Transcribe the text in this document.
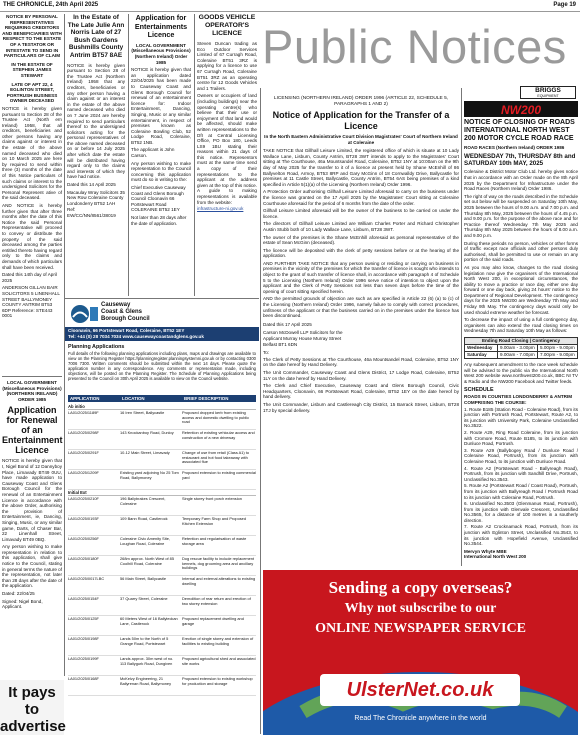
THE CHRONICLE, 24th April 2025	Page 19
NOTICE BY PERSONAL REPRESENTATIVES REQUIRING CREDITORS AND BENEFICIARIES WITH RESPECT TO THE ESTATE OF A TESTATOR OR INTESTATE TO SEND IN PARTICULARS OF CLAIM
IN THE ESTATE OF STEPHEN JAMES STEWART
LATE OF APT 22, 4 EGLINTON STREET, PORTRUSH BUSINESS OWNER DECEASED
NOTICE is hereby given pursuant to Section 28 of the Trustee Act (North ern Ireland) 1958, that all creditors, beneficiaries and other persons having any claims against or interest in the estate of the above named deceased who died on 10 March 2025 are here by required to send within three (3) months of the date of this Notice particulars of such claims or interest to the undersigned Solicitors for the Personal Represent ative of the said deceased.
AND NOTICE is hereby further given that after three months after the date of this Notice the said Personal Representative will proceed to convey or distribute the property of the said deceased among the parties entitled thereto having regard only to the claims and demands of which particulars shall have been received.
Dated this 14th day of April 2025
ANDERSON GILLAN BAIR SOLICITORS 5 LINENHALL STREET BALLYMONEY COUNTY ANTRIM BT53 6DP Reference: STE443 0001
LOCAL GOVERNMENT (Miscellaneous Provisions) (NORTHERN IRELAND) ORDER 1985
Application for Renewal of an Entertainment Licence
NOTICE is hereby given that I, Nigel Bond of 12 Dannyboy Place, Limavady BT49 0UU, have made application to Causeway Coast and Glens Borough Council for the renewal of an Entertainment Licence in accordance with the above Order, authorising the provision of Entertainment, ie, Dancing, Singing, Music, or any similar game, Darts, of Chaser Bar, 22 Linenhall Street, Limavady BT49 0BQ.
Any person wishing to make representation in relation to this application, shall give notice to the Council, stating in general terms the nature of the representation, not later than 28 days after the date of the application.
Dated: 22/04/25
Signed: Nigel Bond, Applicant.
It pays to advertise
In the Estate of The Late Julie Ann Norris Late of 27 Bush Gardens Bushmills County Antrim BT57 8AE
NOTICE is hereby given pursuant to Section 28 of the Trustee Act (Northern Ireland) 1958 that any creditors, beneficiaries or any other person having a claim against or an interest in the estate of the above named deceased who died on 7 June 2024 are hereby required to send particulars thereof to the undersigned solicitors acting for the personal representatives of the above named deceased on or before 14 July 2025 after which date the estate will be distributed having regard only to the claims and interests of which they have had notice.
Dated this 14 April 2025
Macaulay Wray Solicitors 35 New Row Coleraine County Londonderry BT52 1AH
Ref: EW/CC/NN/8561/38019
Application for Entertainments Licence
LOCAL GOVERNMENT (Miscellaneous Provisions) (Northern Ireland) Order 1985
NOTICE is hereby given that an application dated 22/04/2025 has been made to Causeway Coast and Glens Borough Council for renewal of an entertainment licence for: Indoor Entertainment, Dancing, Singing, Music or any similar entertainment, in respect of premises known as Coleraine Bowling Club, 52 Lodge Road, Coleraine, BT52 1NB.
The applicant is John Carson.
Any person wishing to make representation to the Council concerning this application must do so in writing to the:
Chief Executive Causeway Coast and Glens Borough Council Cloonavin 66 Portstewart Road COLERAINE BT52 1EY
Not later than 28 days after the date of application.
GOODS VEHICLE OPERATOR'S LICENCE
Steven Duncan trading as Eco Outdoor Services Limited of 67 Curragh Road, Coleraine BT51 3RZ is applying for a licence to use 67 Curragh Road, Coleraine BT51 3RZ as an operating centre for 12 Goods Vehicles and 1 Trailers.
Owners or occupiers of land (including buildings) near the operating centre(s) who believe that their use or enjoyment of that land would be affected, should make written representations to the DfI at Central Licensing Office, PO Box 180, Leeds LS9 1BU stating their reasons within 21 days of this notice. Representors must at the same time send a copy of their representations to the applicant at the address given at the top of this notice. A guide to making representations is available from the website:
infrastructure-ni.gov.uk
Public Notices
Causeway
Coast & Glens
Borough Council
Cloonavin, 66 Portstewart Road, Coleraine, BT52 1EY
Tel: +44 (0) 28 7034 7034 www.causewaycoastandglens.gov.uk
Planning Applications
Full details of the following planning applications including plans, maps and drawings are available to view on the Planning Register https://planningregister.planningsystemni.gov.uk or by contacting 0300 7006 7300. Written comments should be submitted within the next 14 days. Please quote the application number in any correspondence. Any comments or representation made, including objections, will be posted on the Planning Register. The Schedule of Planning Applications being presented to the Council on 30th April 2025 is available to view on the Council website.
APPLICATION	LOCATION	BRIEF DESCRIPTION
Ab initio
LA01/2025/1189F	16 Iren Street, Ballycastle	Proposed dropped kerb from existing access and domestic dwelling to public road
LA01/2025/0298F	143 Knockanboy Road, Dunloy	Retention of existing vehicular access and construction of a new driveway
LA01/2025/0291F	10-12 Main Street, Limavady	Change of use from retail (Class A1) to restaurant and hot food takeaway with associated flue
LA01/2025/1209F	Existing yard adjoining No 25 Tom Road, Ballymoney
Proposed extension to existing commercial yard
Initial Ext
LA01/2025/0210F	196 Ballybrakes Crescent, Coleraine
Single storey front porch extension
LA01/2025/0193F	109 Bann Road, Castlerock	Temporary Farm Shop and Proposed Kitchen Extension
LA01/2025/0256F	Coleraine Civic Amenity Site, Loughan Road, Coleraine
Retention and regularisation of waste storage area
LA01/2025/0180F	268m approx. North West of 85 Coolhill Road, Coleraine
Dog rescue facility to include replacement kennels, dog grooming area and ancillary buildings
LA01/2025/0017LBC	56 Main Street, Ballycastle	Internal and external alterations to existing dwelling
LA01/2025/0154F	37 Quarry Street, Coleraine	Demolition of rear return and erection of two storey extension
LA01/2025/0125F	60 Meters West of 16 Ballyleckan Lane, Castlerock
Proposed replacement dwelling and garage
LA01/2025/0198F	Lands 50m to the North of 5 Grange Road, Portstewart
Erection of single storey and extension of facilities to existing building
LA01/2025/0199F	Lands approx. 30m west of no. 113 Ballygurk Road, Dungiven
Proposed agricultural shed and associated site works
LA01/2025/0168F	McKelvy Engineering, 21 Ballyrenan Road, Ballymoney
Proposed extension to existing workshop for production and storage
LICENSING (NORTHERN IRELAND) ORDER 1996 (ARTICLE 22, SCHEDULE 5, PARAGRAPHS 1 AND 2)
Notice of Application for the Transfer of a Licence
In the North Eastern Administrative Court Division Magistrates' Court of Northern Ireland at Coleraine
TAKE NOTICE that Gillhall Leisure Limited, the registered office of which is situate at 10 Lady Wallace Lane, Lisburn, County Antrim, BT28 3WT intends to apply to the Magistrates' Court sitting at The Courthouse, 46a Mountsandel Road, Coleraine, BT52 1NY at 10:00am on the 9th day of May 2025 for the transfer to it of a licence at present held by Shane McEnhill of 86 Ballyvelton Road, Armoy, BT53 8RP and Gary McGinn of 18 Cornwalldy Drive, Ballycastle for premises at 11 Castle Street, Ballycastle, County Antrim, BT54 6AS being premises of a kind specified in Article 5(1)(a) of the Licensing (Northern Ireland) Order 1996.
A Protection Order authorising Gillhall Leisure Limited aforesaid to carry on the business under the licence was granted on the 17 April 2025 by the Magistrates' Court sitting at Coleraine Courthouse aforesaid for the period of 6 months from the date of the order.
Gillhall Leisure Limited aforesaid will be the owner of the business to be carried on under the licence.
The directors of Gillhall Leisure Limited are William Charles Porter and Richard Christopher Austin Stubb both of 10 Lady Wallace Lane, Lisburn, BT28 3WT.
The owner of the premises is the Shane McEnhill aforesaid as personal representative of the estate of Sean McGinn (deceased).
The licence will be deposited with the clerk of petty sessions before or at the hearing of the application.
AND FURTHER TAKE NOTICE that any person owning or residing or carrying on business in premises in the vicinity of the premises for which the transfer of licence is sought who intends to object to the grant of such transfer of licence shall, in accordance with paragraph 4 of Schedule 5 to the Licensing (Northern Ireland) Order 1996 serve notice of intention to object upon the applicant and the Clerk of Petty Sessions not less than seven days before the time of the opening of court sitting specified herein.
AND the permitted grounds of objection are such as are specified in Article 22 (6) (a) to (c) of the Licensing (Northern Ireland) Order 1996, namely failure to comply with correct procedures, unfitness of the applicant or that the business carried on in the premises under the licence has been discontinued.
Dated this 17 April 2025
Carson McDowell LLP Solicitors for the Applicant Murray House Murray Street Belfast BT1 6DN
To:
The Clerk of Petty Sessions at The Courthouse, 46a Mountsandel Road, Coleraine, BT52 1NY on the date hereof by Hand Delivery.
The Unit Commander, Causeway Coast and Glens District, 17 Lodge Road, Coleraine, BT52 1LY on the date hereof by Hand Delivery.
The Clerk and Chief Executive, Causeway Coast and Glens Borough Council, Civic Headquarters, Cloonavin, 66 Portstewart Road, Coleraine, BT52 1EY on the date hereof by hand delivery.
The Unit Commander, Lisburn and Castlereagh City District, 15 Barrack Street, Lisburn, BT28 1TJ by special delivery.
BRIGGS
EQUIPMENT
NW200
NOTICE OF CLOSING OF ROADS INTERNATIONAL NORTH WEST 200 MOTOR CYCLE ROAD RACE
ROAD RACES (Northern Ireland) ORDER 1986
WEDNESDAY 7th, THURSDAY 8th and SATURDAY 10th MAY, 2025
Coleraine & District Motor Club Ltd. hereby gives notice that in accordance with an Order made on the 8th April 2025 by the Department for Infrastructure under the Road Races (Northern Ireland) Order 1986.
The right of way on the roads described in the Schedule set out below will be suspended on Saturday 10th May, 2025 between the hours of 9.00 a.m. and 7.00 p.m. and Thursday 8th May, 2025 between the hours of 4.45 p.m. and 9.00 p.m. for the purpose of the above race and for Practice thereof Wednesday 7th May 2025 and Thursday 8th May 2025 between the hours of 8.00 a.m. and 9.00 p.m.
During these periods no person, vehicles or other forms of traffic except race officials and other persons duly authorised, shall be permitted to use or remain on any portion of the said roads.
As you may also know, changes to the road closing legislation now give the organisers of the International North West 200, in exceptional circumstances, the ability to move a practice or race day, either one day forward or one day back, giving 24 hours' notice to the Department of Regional Development. The contingency days for the 2025 NW200 are Wednesday 7th May and Friday 9th May. The contingency days would only be used should extreme weather be forecast.
To decrease the impact of using a full contingency day, organisers can also extend the road closing times on Wednesday 7th and Saturday 10th May as follows:
Ending Road Closing | Contingency
Wednesday	9.00am - 3.00pm	5.00pm - 9.00pm
Saturday	9.00am - 7.00pm	7.00pm - 9.00pm
Any subsequent amendment to the race week schedule will be advised to the public via the International North West 200 website www.northwest200.co.uk, BBC NI TV & Radio and the NW200 Facebook and Twitter feeds.
SCHEDULE
ROADS IN COUNTIES LONDONDERRY & ANTRIM COMPRISING THE COURSE:
1. Route B185 (Station Road - Coleraine Road), from its junction with Portrush Road, Portstewart, Route A2, to its junction with University Park, Coleraine Unclassified No.3522.
2. Route A29, Ring Road Coleraine, from its junction with Cromore Road, Route B185, to its junction with Dunluce Road, Portrush.
3. Route A29 (Ballybogey Road / Dunluce Road / Coleraine Road, Portrush), from its junction with Coleraine Road, to its junction with Dunluce Road.
4. Route A2 (Portstewart Road - Ballyreagh Road), Portrush, from its junction with Sandhill Drive, Portrush, Unclassified No.3543.
5. Route A2 (Portstewart Road / Coast Road), Portrush, from its junction with Ballyreagh Road / Portrush Road to its junction with Coleraine Road, Portrush.
6. Unclassified No.3503 (Glenmanus Road, Portrush), from its junction with Glenvale Crescent, Unclassified No.3565, for a distance of 100 metres in a southerly direction.
7. Route A2 Crocknamack Road, Portrush, from its junction with Eglinton Street, Unclassified No.3543, to its junction with Hopefield Avenue, Unclassified No.3544.
Mervyn Whyte MBE
International North West 200
Sending a copy overseas?
Why not subscribe to our
ONLINE NEWSPAPER SERVICE
UlsterNet.co.uk
Read The Chronicle anywhere in the world
